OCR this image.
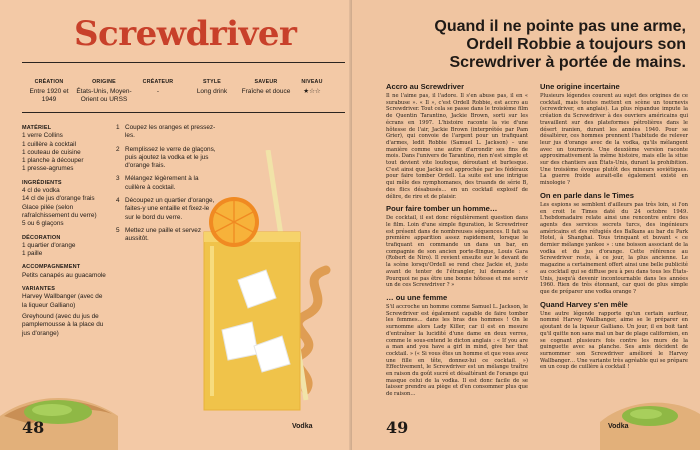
Screwdriver
CRÉATION
Entre 1920 et 1949
ORIGINE
États-Unis, Moyen-Orient ou URSS
CRÉATEUR
-
STYLE
Long drink
SAVEUR
Fraîche et douce
NIVEAU
★☆☆
MATÉRIEL
1 verre Collins
1 cuillère à cocktail
1 couteau de cuisine
1 planche à découper
1 presse-agrumes
INGRÉDIENTS
4 cl de vodka
14 cl de jus d'orange frais
Glace pilée (selon rafraîchissement du verre)
5 ou 6 glaçons
DÉCORATION
1 quartier d'orange
1 paille
ACCOMPAGNEMENT
Petits canapés au guacamole
VARIANTES
Harvey Wallbanger (avec de la liqueur Galliano)
Greyhound (avec du jus de pamplemousse à la place du jus d'orange)
1 Coupez les oranges et pressez-les.
2 Remplissez le verre de glaçons, puis ajoutez la vodka et le jus d'orange frais.
3 Mélangez légèrement à la cuillère à cocktail.
4 Découpez un quartier d'orange, faites-y une entaille et fixez-le sur le bord du verre.
5 Mettez une paille et servez aussitôt.
48	Vodka
Quand il ne pointe pas une arme, Ordell Robbie a toujours son Screwdriver à portée de mains.
Accro au Screwdriver

Il ne l'aime pas, il l'adore. Il s'en abuse pas, il en « surabuse ». « Il », c'est Ordell Robbie, est accro au Screwdriver. Tout cela se passe dans le troisième film de Quentin Tarantino, Jackie Brown, sorti sur les écrans en 1997. L'histoire raconte la vie d'une hôtesse de l'air, Jackie Brown (interprétée par Pam Grier), qui convoie de l'argent pour un trafiquant d'armes, ledit Robbie (Samuel L. Jackson) – une manière comme une autre d'arrondir ses fins de mois. Dans l'univers de Tarantino, rien n'est simple et tout devient vite loufoque, déroutant et burlesque. C'est ainsi que Jackie est approchée par les fédéraux pour faire tomber Ordell. La suite est une intrigue qui mêle des nymphomanes, des truands de série B, des flics désabusés… en un cocktail explosif de délire, de rire et de plaisir.

Pour faire tomber un homme…

De cocktail, il est donc régulièrement question dans le film. Loin d'une simple figuration, le Screwdriver est présent dans de nombreuses séquences. Il fait sa première apparition assez rapidement, lorsque le trafiquant en commande un dans un bar, en compagnie de son ancien porte-flingue, Louis Gara (Robert de Niro). Il revient ensuite sur le devant de la scène lorsqu'Ordell se rend chez Jackie et, juste avant de tenter de l'étrangler, lui demande : « Pourquoi ne pas être une bonne hôtesse et me servir un de ces Screwdriver ? »

… ou une femme

S'il accroche un homme comme Samuel L. Jackson, le Screwdriver est également capable de faire tomber les femmes… dans les bras des hommes ! On le surnomme alors Lady Killer, car il est en mesure d'entraîner la lucidité d'une dame en deux verres, comme le sous-entend le dicton anglais : « If you are a man and you have a girl in mind, give her that cocktail. » (« Si vous êtes un homme et que vous avez une fille en tête, donnez-lui ce cocktail. ») Effectivement, le Screwdriver est un mélange traître en raison du goût sucré et désaltérant de l'orange qui masque celui de la vodka. Il est donc facile de se laisser prendre au piège et d'en consommer plus que de raison…

Une origine incertaine

Plusieurs légendes courent au sujet des origines de ce cocktail, mais toutes mettent en scène un tournevis (screwdriver, en anglais). La plus répandue impute la création du Screwdriver à des ouvriers américains qui travaillent sur des plateformes pétrolières dans le désert iranien, durant les années 1940. Pour se désaltérer, ces hommes prennent l'habitude de relever leur jus d'orange avec de la vodka, qu'ils mélangent avec un tournevis. Une deuxième version raconte approximativement la même histoire, mais elle la situe sur des chantiers aux États-Unis, durant la prohibition. Une troisième évoque plutôt des mineurs soviétiques. La guerre froide aurait-elle également existé en mixologie ?

On en parle dans le Times

Les espions se semblent d'ailleurs pas très loin, si l'on en croit le Times daté du 24 octobre 1949. L'hebdomadaire relate ainsi une rencontre entre des agents des services secrets turcs, des ingénieurs américains et des réfugiés des Balkans au bar du Park Hotel, à Shanghai. Tous trinquant et buvant « ce dernier mélange yankee » : une boisson associant de la vodka et du jus d'orange. Cette référence au Screwdriver reste, à ce jour, la plus ancienne. Le magazine a certainement offert ainsi une belle publicité au cocktail qui se diffuse peu à peu dans tous les États-Unis, jusqu'à devenir incontournable dans les années 1960. Rien de très étonnant, car quoi de plus simple que de préparer une vodka orange ?

Quand Harvey s'en mêle

Une autre légende rapporte qu'un certain surfeur, nommé Harvey Wallbanger, aime se le préparer en ajoutant de la liqueur Galliano. Un jour, il en boit tant qu'il quitte non sans mal un bar de plage californien, en se cognant plusieurs fois contre les murs de la guinguette avec sa planche. Ses amis décident de surnommer son Screwdriver amélioré le Harvey Wallbanger… Une variante très agréable qui se prépare en un coup de cuillère à cocktail !

49	Vodka
